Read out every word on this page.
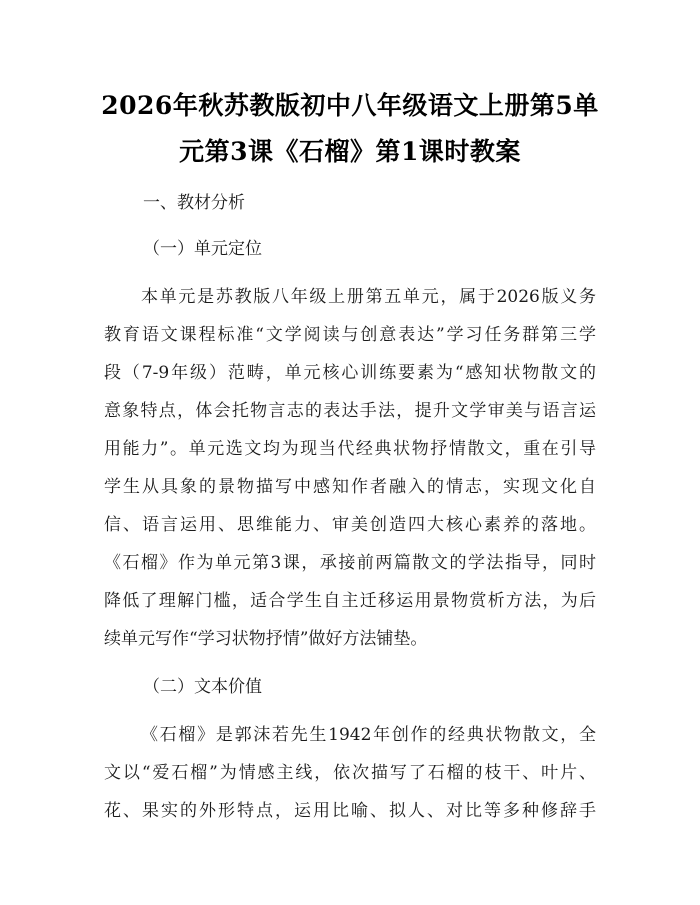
2026年秋苏教版初中八年级语文上册第5单
元第3课《石榴》第1课时教案
一、教材分析
（一）单元定位
本单元是苏教版八年级上册第五单元，属于2026版义务
教育语文课程标准“文学阅读与创意表达”学习任务群第三学
段（7-9年级）范畴，单元核心训练要素为“感知状物散文的
意象特点，体会托物言志的表达手法，提升文学审美与语言运
用能力”。单元选文均为现当代经典状物抒情散文，重在引导
学生从具象的景物描写中感知作者融入的情志，实现文化自
信、语言运用、思维能力、审美创造四大核心素养的落地。
《石榴》作为单元第3课，承接前两篇散文的学法指导，同时
降低了理解门槛，适合学生自主迁移运用景物赏析方法，为后
续单元写作“学习状物抒情”做好方法铺垫。
（二）文本价值
《石榴》是郭沫若先生1942年创作的经典状物散文，全
文以“爱石榴”为情感主线，依次描写了石榴的枝干、叶片、
花、果实的外形特点，运用比喻、拟人、对比等多种修辞手
